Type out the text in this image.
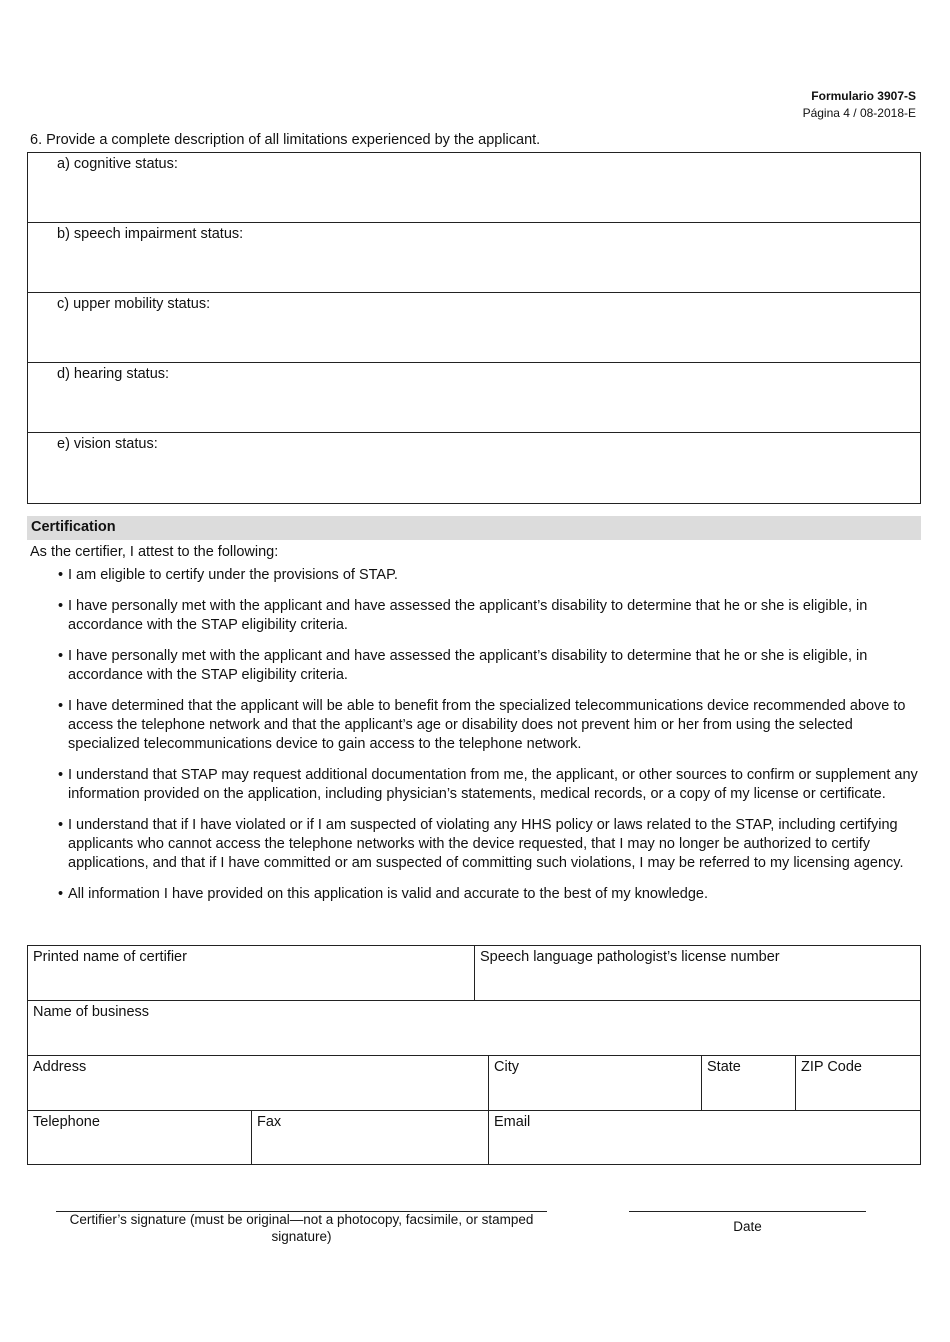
Formulario 3907-S
Página 4 / 08-2018-E
6. Provide a complete description of all limitations experienced by the applicant.
a) cognitive status:
b) speech impairment status:
c) upper mobility status:
d) hearing status:
e) vision status:
Certification
As the certifier, I attest to the following:
• I am eligible to certify under the provisions of STAP.
• I have personally met with the applicant and have assessed the applicant’s disability to determine that he or she is eligible, in accordance with the STAP eligibility criteria.
• I have personally met with the applicant and have assessed the applicant’s disability to determine that he or she is eligible, in accordance with the STAP eligibility criteria.
• I have determined that the applicant will be able to benefit from the specialized telecommunications device recommended above to access the telephone network and that the applicant’s age or disability does not prevent him or her from using the selected specialized telecommunications device to gain access to the telephone network.
• I understand that STAP may request additional documentation from me, the applicant, or other sources to confirm or supplement any information provided on the application, including physician’s statements, medical records, or a copy of my license or certificate.
• I understand that if I have violated or if I am suspected of violating any HHS policy or laws related to the STAP, including certifying applicants who cannot access the telephone networks with the device requested, that I may no longer be authorized to certify applications, and that if I have committed or am suspected of committing such violations, I may be referred to my licensing agency.
• All information I have provided on this application is valid and accurate to the best of my knowledge.
Printed name of certifier	Speech language pathologist’s license number
Name of business
Address	City	State	ZIP Code
Telephone	Fax	Email
Certifier’s signature (must be original—not a photocopy, facsimile, or stamped signature)
Date
